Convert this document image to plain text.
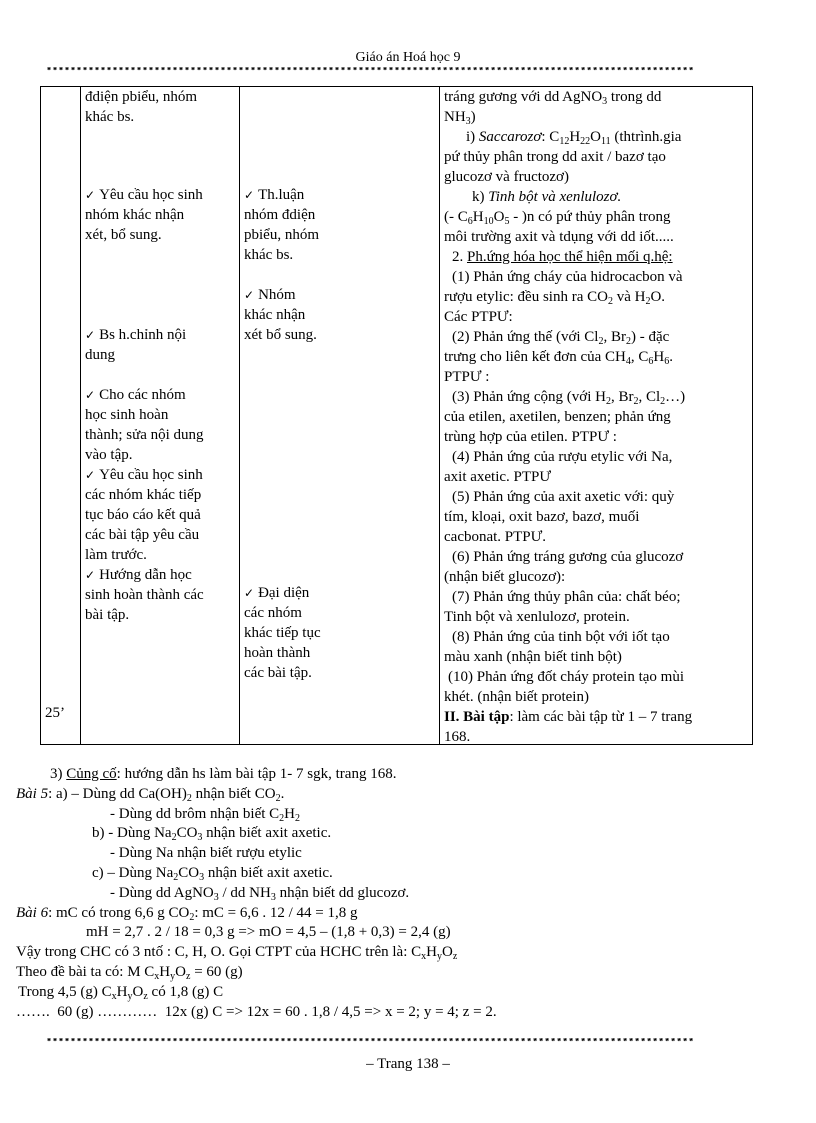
Giáo án Hoá học 9
************************************************************************************************************
25’

đdiện pbiểu, nhóm

khác bs.

✓ Yêu cầu học sinh

nhóm khác nhận

xét, bổ sung.

✓ Bs h.chỉnh nội

dung

✓ Cho các nhóm

học sinh hoàn

thành; sửa nội dung

vào tập.

✓ Yêu cầu học sinh

các nhóm khác tiếp

tục báo cáo kết quả

các bài tập yêu cầu

làm trước.

✓ Hướng dẫn học

sinh hoàn thành các

bài tập.

✓ Th.luận

nhóm đdiện

pbiểu, nhóm

khác bs.

✓ Nhóm

khác nhận

xét bổ sung.

✓ Đại diện

các nhóm

khác tiếp tục

hoàn thành

các bài tập.

tráng gương với dd AgNO$_3$ trong dd

$NH_3$)

i) Saccarozơ: $C_{12}H_{22}O_{11}$ (thtrình.gia

pứ thủy phân trong dd axit / bazơ tạo

glucozơ và fructozơ)

k) Tinh bột và xenlulozơ.

(- $C_6H_{10}O_5 - )n$ có pứ thủy phân trong

môi trường axit và tdụng với dd iốt.....

2. Ph.ứng hóa học thể hiện mối q.hệ:

(1) Phản ứng cháy của hidrocacbon và

rượu etylic: đều sinh ra $CO_2$ và $H_2O$.

Các PTPƯ:

(2) Phản ứng thế (với $Cl_2$, $Br_2$) - đặc

trưng cho liên kết đơn của $CH_4$, $C_6H_6$.

PTPƯ :

(3) Phản ứng cộng (với $H_2$, $Br_2$, $Cl_2\dots$)

của etilen, axetilen, benzen; phản ứng

trùng hợp của etilen. PTPƯ :

(4) Phản ứng của rượu etylic với Na,

axit axetic. PTPƯ

(5) Phản ứng của axit axetic với: quỳ

tím, kloại, oxit bazơ, bazơ, muối

cacbonat. PTPƯ.

(6) Phản ứng tráng gương của glucozơ

(nhận biết glucozơ):

(7) Phản ứng thủy phân của: chất béo;

Tinh bột và xenlulozơ, protein.

(8) Phản ứng của tinh bột với iốt tạo

màu xanh (nhận biết tinh bột)

(10) Phản ứng đốt cháy protein tạo mùi

khét. (nhận biết protein)

II. Bài tập: làm các bài tập từ 1 – 7 trang

168.

3) Củng cố: hướng dẫn hs làm bài tập 1- 7 sgk, trang 168.
Bài 5: a) – Dùng dd $Ca(OH)_2$ nhận biết $CO_2$.
- Dùng dd brôm nhận biết $C_2H_2$
b) - Dùng $Na_2CO_3$ nhận biết axit axetic.
- Dùng Na nhận biết rượu etylic
c) – Dùng $Na_2CO_3$ nhận biết axit axetic.
- Dùng dd AgNO$_3$ / dd $NH_3$ nhận biết dd glucozơ.
Bài 6: mC có trong 6,6 g $CO_2$: mC = 6,6 . 12 / 44 = 1,8 g
mH = 2,7 . 2 / 18 = 0,3 g => mO = 4,5 – (1,8 + 0,3) = 2,4 (g)
Vậy trong CHC có 3 ntố : C, H, O. Gọi CTPT của HCHC trên là: $C_xH_yO_z$
Theo đề bài ta có: M $C_xH_yO_z = 60$ (g)
Trong 4,5 (g) $C_xH_yO_z$ có 1,8 (g) C
…….  60 (g) …………  12x (g) C => 12x = 60 . 1,8 / 4,5 => x = 2; y = 4; z = 2.
************************************************************************************************************
– Trang 138 –
